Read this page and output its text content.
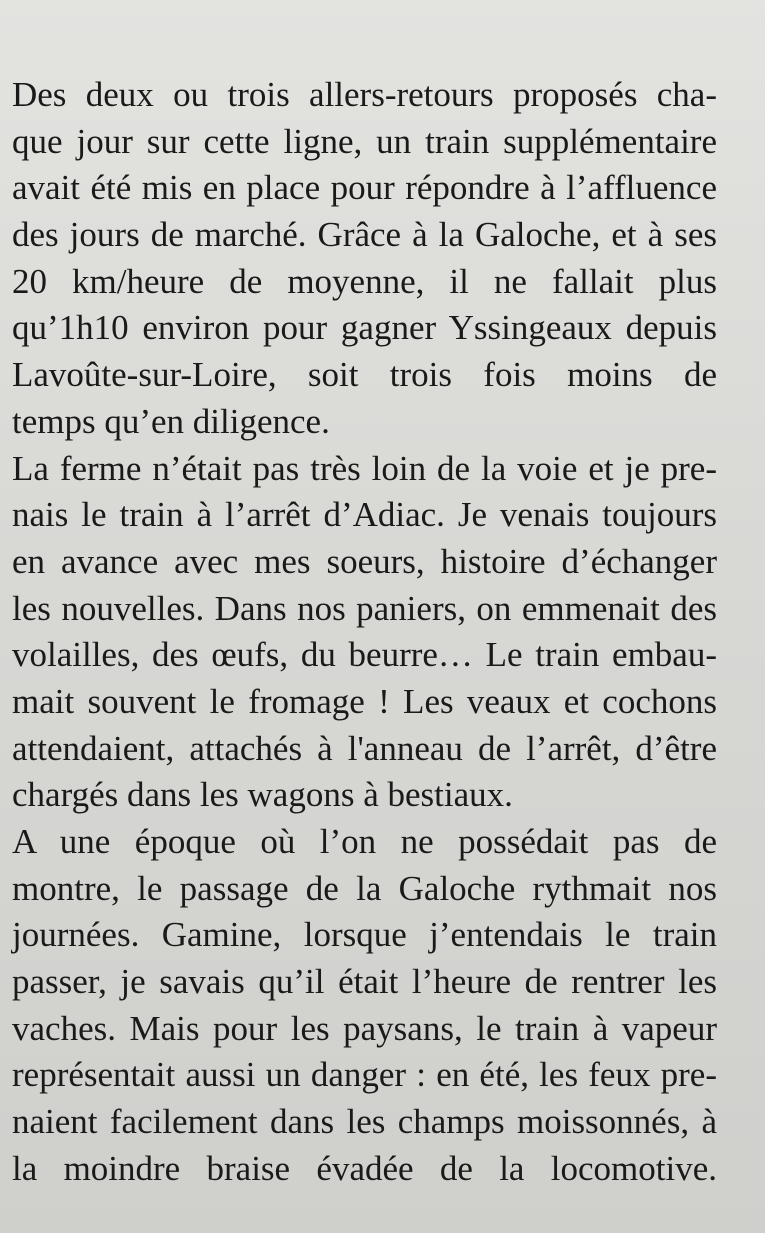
Des deux ou trois allers-retours proposés cha-
que jour sur cette ligne, un train supplémentaire
avait été mis en place pour répondre à l’affluence
des jours de marché. Grâce à la Galoche, et à ses
20 km/heure de moyenne, il ne fallait plus
qu’1h10 environ pour gagner Yssingeaux depuis
Lavoûte-sur-Loire, soit trois fois moins de
temps qu’en diligence.
La ferme n’était pas très loin de la voie et je pre-
nais le train à l’arrêt d’Adiac. Je venais toujours
en avance avec mes soeurs, histoire d’échanger
les nouvelles. Dans nos paniers, on emmenait des
volailles, des œufs, du beurre… Le train embau-
mait souvent le fromage ! Les veaux et cochons
attendaient, attachés à l'anneau de l’arrêt, d’être
chargés dans les wagons à bestiaux.
A une époque où l’on ne possédait pas de
montre, le passage de la Galoche rythmait nos
journées. Gamine, lorsque j’entendais le train
passer, je savais qu’il était l’heure de rentrer les
vaches. Mais pour les paysans, le train à vapeur
représentait aussi un danger : en été, les feux pre-
naient facilement dans les champs moissonnés, à
la moindre braise évadée de la locomotive.
